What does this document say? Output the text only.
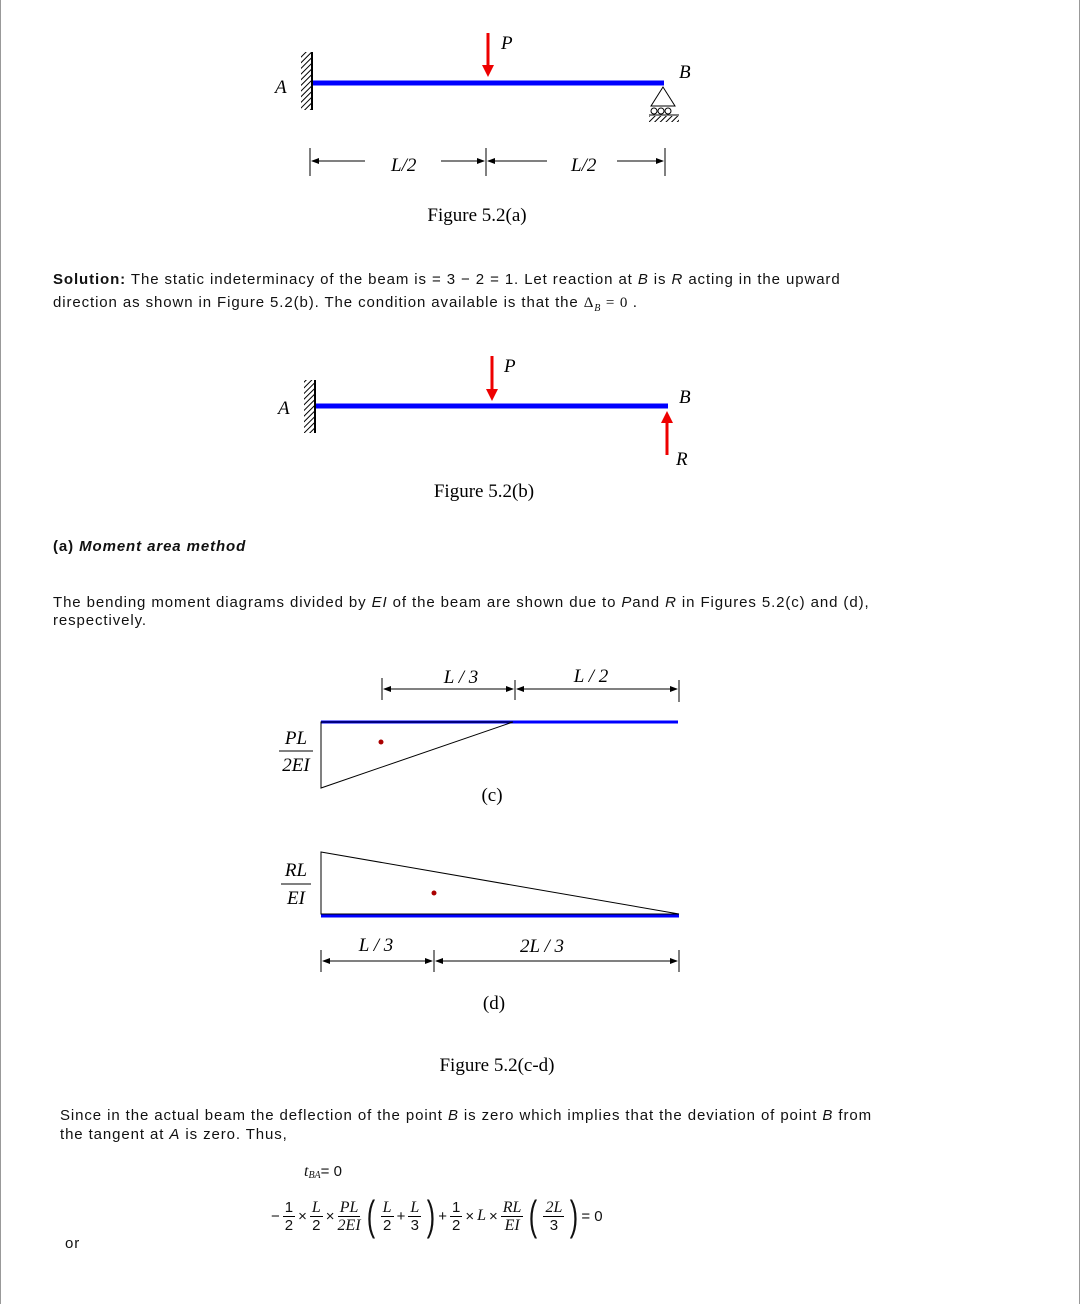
P
A
B
L/2	L/2
Figure 5.2(a)
P
A
B
R
Figure 5.2(b)
L / 3	L / 2
PL
2EI
(c)
RL
EI
L / 3	2L / 3
(d)
Figure 5.2(c-d)
Solution: The static indeterminacy of the beam is = 3 − 2 = 1. Let reaction at B is R acting in the upward
direction as shown in Figure 5.2(b). The condition available is that the $\Delta_B = 0$ .
(a) Moment area method
The bending moment diagrams divided by EI of the beam are shown due to Pand R in Figures 5.2(c) and (d),
respectively.
Since in the actual beam the deflection of the point B is zero which implies that the deviation of point B from
the tangent at A is zero. Thus,
$t_{BA} = 0$
− $\frac{1}{2} \times \frac{L}{2} \times \frac{PL}{2EI}$ ( $\frac{L}{2} + \frac{L}{3}$ ) + $\frac{1}{2} \times L \times \frac{RL}{EI}$ ( $\frac{2L}{3}$ ) = 0
or
